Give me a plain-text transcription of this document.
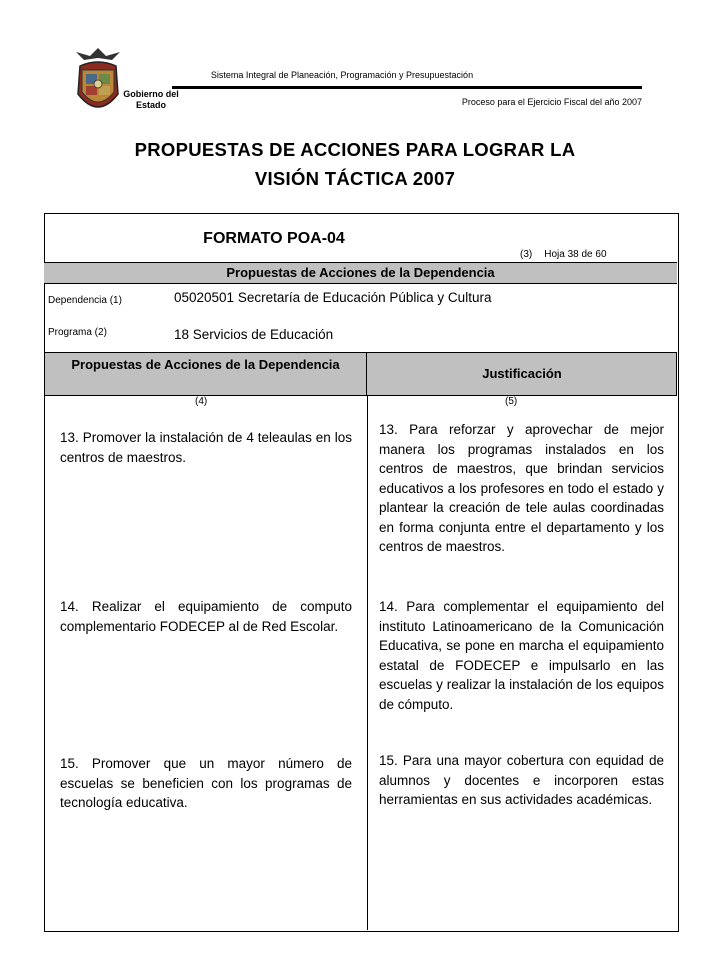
Gobierno del Estado
Sistema Integral de Planeación, Programación y Presupuestación
Proceso para el Ejercicio Fiscal del año 2007
PROPUESTAS DE ACCIONES PARA LOGRAR LA
VISIÓN TÁCTICA 2007
FORMATO POA-04
(3) Hoja 38 de 60
Propuestas de Acciones de la Dependencia
Dependencia (1)	05020501 Secretaría de Educación Pública y Cultura
Programa (2)	18 Servicios de Educación
Propuestas de Acciones de la Dependencia
Justificación
(4)	(5)
13. Promover la instalación de 4 teleaulas en los centros de maestros.
13. Para reforzar y aprovechar de mejor manera los programas instalados en los centros de maestros, que brindan servicios educativos a los profesores en todo el estado y plantear la creación de tele aulas coordinadas en forma conjunta entre el departamento y los centros de maestros.
14. Realizar el equipamiento de computo complementario FODECEP al de Red Escolar.
14. Para complementar el equipamiento del instituto Latinoamericano de la Comunicación Educativa, se pone en marcha el equipamiento estatal de FODECEP e impulsarlo en las escuelas y realizar la instalación de los equipos de cómputo.
15. Promover que un mayor número de escuelas se beneficien con los programas de tecnología educativa.
15. Para una mayor cobertura con equidad de alumnos y docentes e incorporen estas herramientas en sus actividades académicas.
